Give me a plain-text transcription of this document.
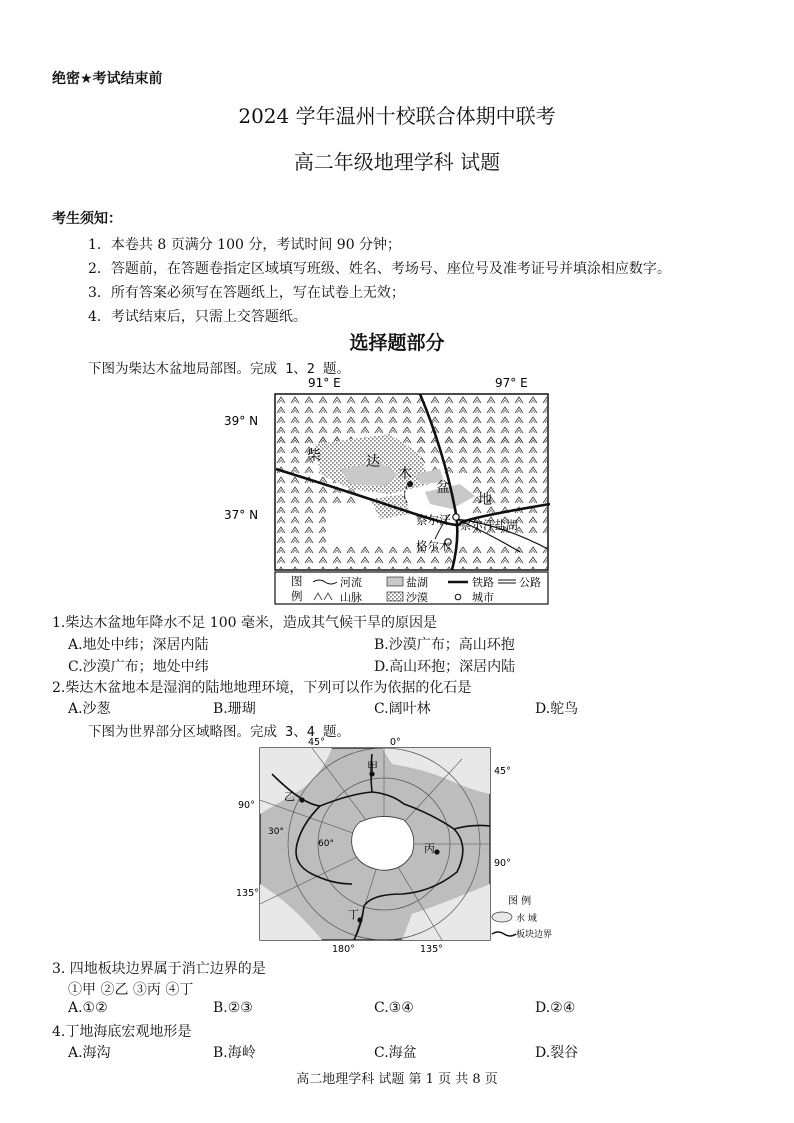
绝密★考试结束前
2024 学年温州十校联合体期中联考
高二年级地理学科 试题
考生须知：
1．本卷共 8 页满分 100 分，考试时间 90 分钟；
2．答题前，在答题卷指定区域填写班级、姓名、考场号、座位号及准考证号并填涂相应数字。
3．所有答案必须写在答题纸上，写在试卷上无效；
4．考试结束后，只需上交答题纸。
选择题部分
下图为柴达木盆地局部图。完成 1、2 题。
91° E	97° E
39° N
37° N
柴	达
木
盆
地
察尔汗 察尔汗盐湖
格尔木
图
例
河流	盐湖	铁路 公路
山脉	沙漠	城市
1.柴达木盆地年降水不足 100 毫米，造成其气候干旱的原因是
A.地处中纬；深居内陆	B.沙漠广布；高山环抱
C.沙漠广布；地处中纬	D.高山环抱；深居内陆
2.柴达木盆地本是湿润的陆地地理环境，下列可以作为依据的化石是
A.沙葱	B.珊瑚	C.阔叶林	D.鸵鸟
下图为世界部分区域略图。完成 3、4 题。
45°	0°
45°
90°
90°
30°
60°
135°
180°	135°
甲
乙
丙
丁
图 例
水 域
板块边界
3. 四地板块边界属于消亡边界的是
①甲 ②乙 ③丙 ④丁
A.①②	B.②③	C.③④	D.②④
4.丁地海底宏观地形是
A.海沟	B.海岭	C.海盆	D.裂谷
高二地理学科 试题 第 1 页 共 8 页
